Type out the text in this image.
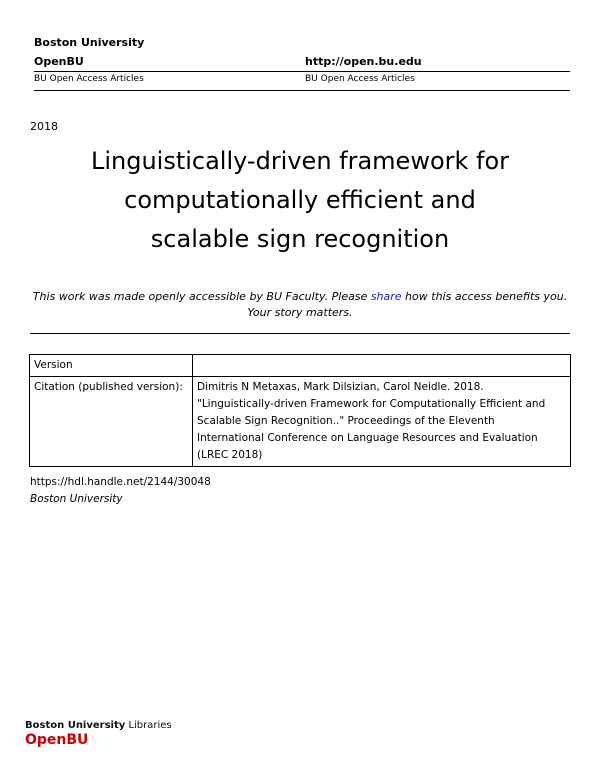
Boston University
OpenBU	http://open.bu.edu
BU Open Access Articles	BU Open Access Articles
2018
Linguistically-driven framework for
computationally efficient and
scalable sign recognition
This work was made openly accessible by BU Faculty. Please share how this access benefits you.
Your story matters.
Version	
Citation (published version):	Dimitris N Metaxas, Mark Dilsizian, Carol Neidle. 2018.
"Linguistically-driven Framework for Computationally Efficient and
Scalable Sign Recognition.." Proceedings of the Eleventh
International Conference on Language Resources and Evaluation
(LREC 2018)
https://hdl.handle.net/2144/30048
Boston University
Boston University Libraries
OpenBU
